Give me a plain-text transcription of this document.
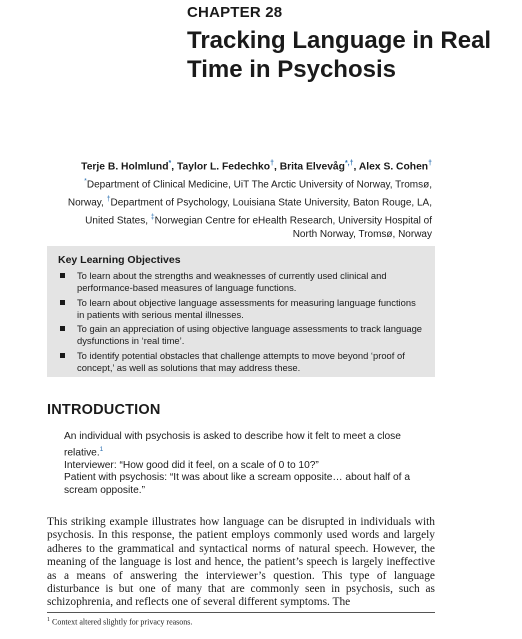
CHAPTER 28
Tracking Language in Real
Time in Psychosis
Terje B. Holmlund*, Taylor L. Fedechko†, Brita Elvevåg*,†, Alex S. Cohen†
*Department of Clinical Medicine, UiT The Arctic University of Norway, Tromsø,
Norway, †Department of Psychology, Louisiana State University, Baton Rouge, LA,
United States, ‡Norwegian Centre for eHealth Research, University Hospital of
North Norway, Tromsø, Norway
Key Learning Objectives
To learn about the strengths and weaknesses of currently used clinical and performance-based measures of language functions.
To learn about objective language assessments for measuring language functions in patients with serious mental illnesses.
To gain an appreciation of using objective language assessments to track language dysfunctions in ‘real time’.
To identify potential obstacles that challenge attempts to move beyond ‘proof of concept,’ as well as solutions that may address these.
INTRODUCTION

An individual with psychosis is asked to describe how it felt to meet a close relative.$^1$

Interviewer: “How good did it feel, on a scale of 0 to 10?”

Patient with psychosis: “It was about like a scream opposite… about half of a scream opposite.”

This striking example illustrates how language can be disrupted in individuals with psychosis. In this response, the patient employs commonly used words and largely adheres to the grammatical and syntactical norms of natural speech. However, the meaning of the language is lost and hence, the patient’s speech is largely ineffective as a means of answering the interviewer’s question. This type of language disturbance is but one of many that are commonly seen in psychosis, such as schizophrenia, and reflects one of several different symptoms. The

$^1$ Context altered slightly for privacy reasons.
